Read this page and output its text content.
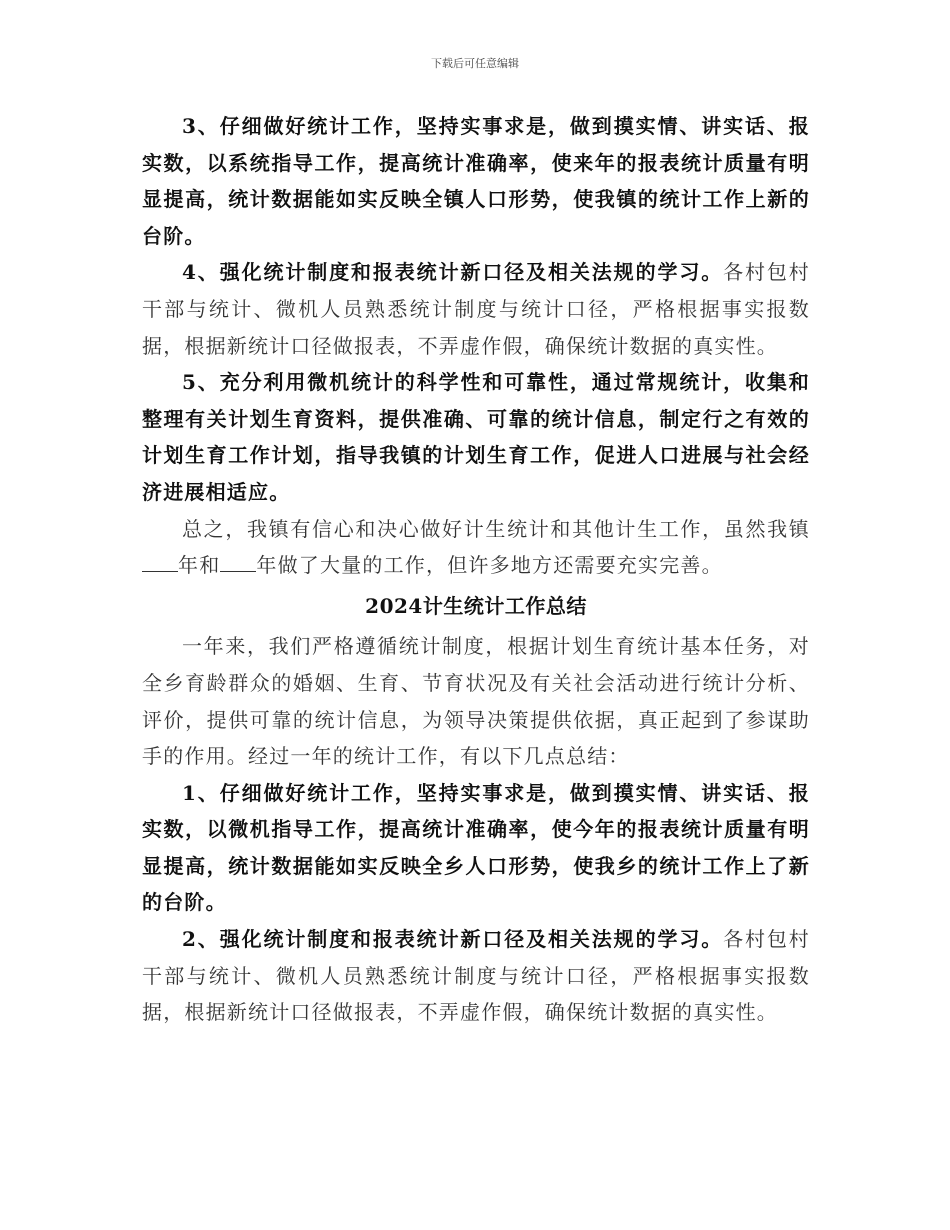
下载后可任意编辑

3、仔细做好统计工作，坚持实事求是，做到摸实情、讲实话、报实数，以系统指导工作，提高统计准确率，使来年的报表统计质量有明显提高，统计数据能如实反映全镇人口形势，使我镇的统计工作上新的台阶。

4、强化统计制度和报表统计新口径及相关法规的学习。各村包村干部与统计、微机人员熟悉统计制度与统计口径，严格根据事实报数据，根据新统计口径做报表，不弄虚作假，确保统计数据的真实性。

5、充分利用微机统计的科学性和可靠性，通过常规统计，收集和整理有关计划生育资料，提供准确、可靠的统计信息，制定行之有效的计划生育工作计划，指导我镇的计划生育工作，促进人口进展与社会经济进展相适应。

总之，我镇有信心和决心做好计生统计和其他计生工作，虽然我镇年和 年做了大量的工作，但许多地方还需要充实完善。

2024计生统计工作总结

一年来，我们严格遵循统计制度，根据计划生育统计基本任务，对全乡育龄群众的婚姻、生育、节育状况及有关社会活动进行统计分析、评价，提供可靠的统计信息，为领导决策提供依据，真正起到了参谋助手的作用。经过一年的统计工作，有以下几点总结：

1、仔细做好统计工作，坚持实事求是，做到摸实情、讲实话、报实数，以微机指导工作，提高统计准确率，使今年的报表统计质量有明显提高，统计数据能如实反映全乡人口形势，使我乡的统计工作上了新的台阶。

2、强化统计制度和报表统计新口径及相关法规的学习。各村包村干部与统计、微机人员熟悉统计制度与统计口径，严格根据事实报数据，根据新统计口径做报表，不弄虚作假，确保统计数据的真实性。
